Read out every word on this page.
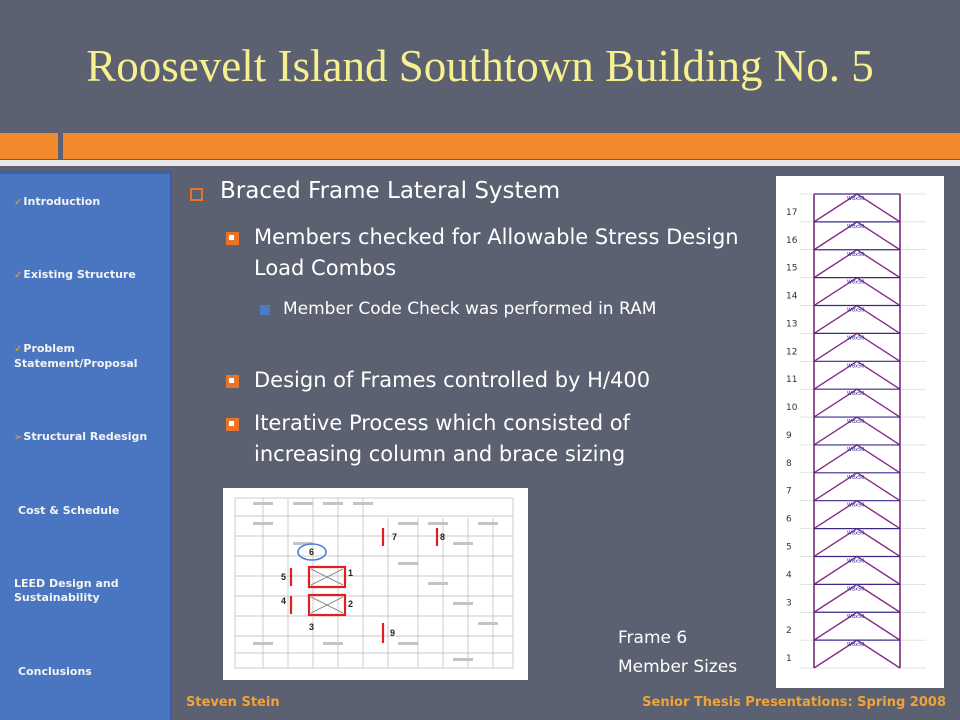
Roosevelt Island Southtown Building No. 5
✓Introduction
✓Existing Structure
✓Problem Statement/Proposal
➢Structural Redesign
Cost & Schedule
LEED Design and Sustainability
Conclusions
Braced Frame Lateral System
Members checked for Allowable Stress Design Load Combos
Member Code Check was performed in RAM
Design of Frames controlled by H/400
Iterative Process which consisted of increasing column and brace sizing
1
2
3
4
5
6
7	8
9
1
2
3
4
5
6
7
8
9
10
11
12
13
14
15
16
17
W8x50
W8x50
W8x50
W8x50
W8x50
W8x50
W8x50
W8x50
W8x50
W8x50
W8x50
W8x50
W8x50
W8x50
W8x50
W8x50
W8x50
Frame 6
Member Sizes
Steven Stein	Senior Thesis Presentations: Spring 2008
